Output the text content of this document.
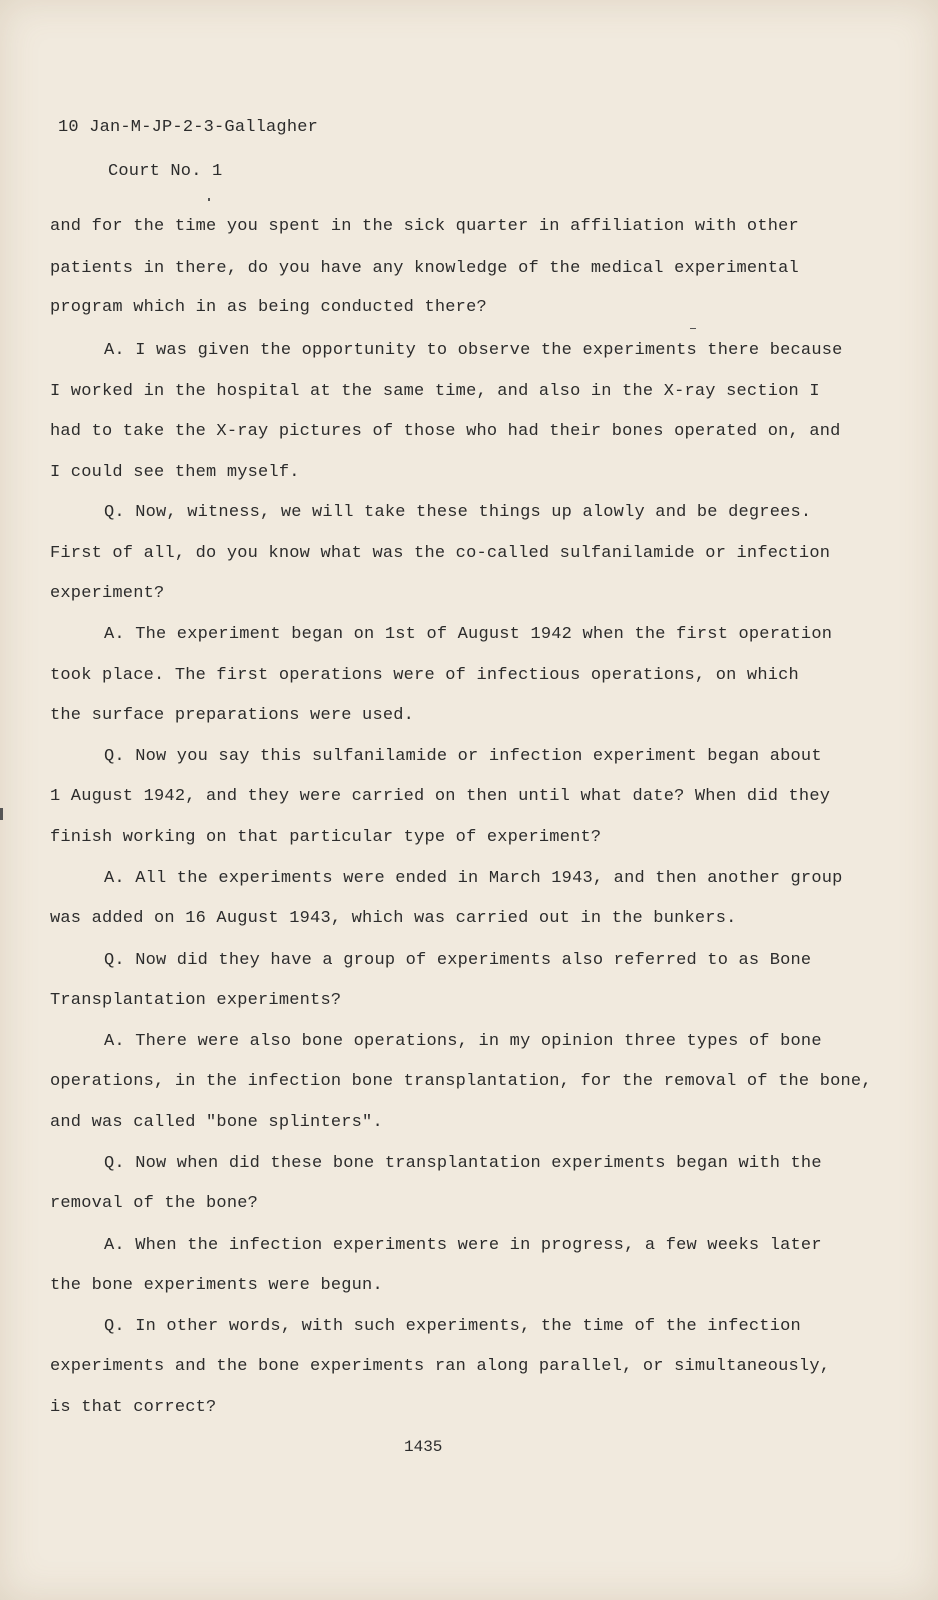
10 Jan-M-JP-2-3-Gallagher
Court No. 1
and for the time you spent in the sick quarter in affiliation with other
patients in there, do you have any knowledge of the medical experimental
program which in as being conducted there?
A. I was given the opportunity to observe the experiments there because
I worked in the hospital at the same time, and also in the X-ray section I
had to take the X-ray pictures of those who had their bones operated on, and
I could see them myself.
Q. Now, witness, we will take these things up alowly and be degrees.
First of all, do you know what was the co-called sulfanilamide or infection
experiment?
A. The experiment began on 1st of August 1942 when the first operation
took place. The first operations were of infectious operations, on which
the surface preparations were used.
Q. Now you say this sulfanilamide or infection experiment began about
1 August 1942, and they were carried on then until what date? When did they
finish working on that particular type of experiment?
A. All the experiments were ended in March 1943, and then another group
was added on 16 August 1943, which was carried out in the bunkers.
Q. Now did they have a group of experiments also referred to as Bone
Transplantation experiments?
A. There were also bone operations, in my opinion three types of bone
operations, in the infection bone transplantation, for the removal of the bone,
and was called "bone splinters".
Q. Now when did these bone transplantation experiments began with the
removal of the bone?
A. When the infection experiments were in progress, a few weeks later
the bone experiments were begun.
Q. In other words, with such experiments, the time of the infection
experiments and the bone experiments ran along parallel, or simultaneously,
is that correct?
1435
